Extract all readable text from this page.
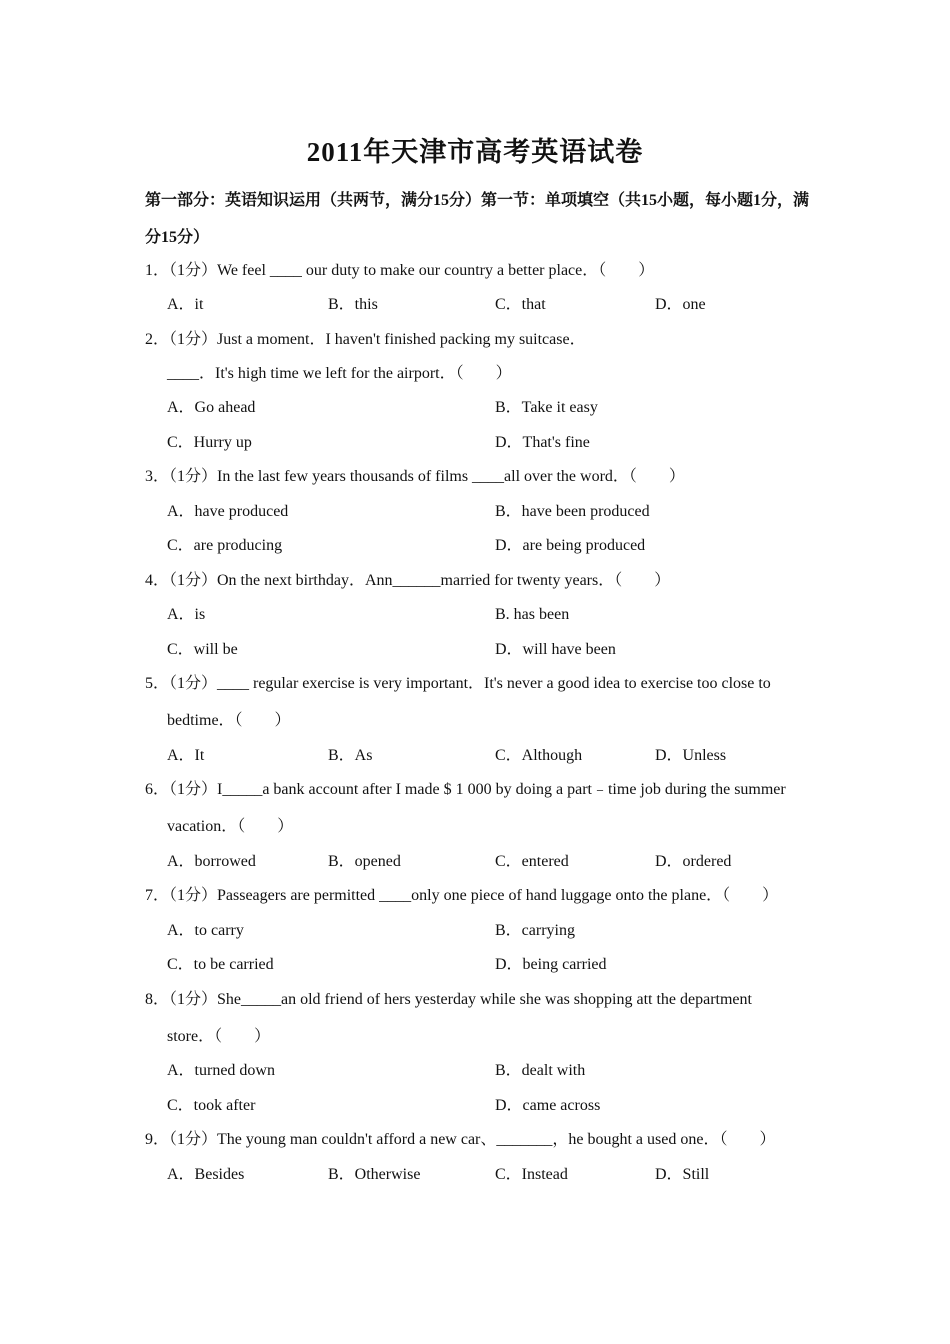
2011年天津市高考英语试卷
第一部分：英语知识运用（共两节，满分15分）第一节：单项填空（共15小题，每小题1分，满分15分）
1．（1分）We feel ____ our duty to make our country a better place．（　　）
A．it	B．this	C．that	D．one
2．（1分）Just a moment．I haven't finished packing my suitcase．
____．It's high time we left for the airport．（　　）
A．Go ahead	B．Take it easy
C．Hurry up	D．That's fine
3．（1分）In the last few years thousands of films ____all over the word．（　　）
A．have produced	B．have been produced
C．are producing	D．are being produced
4．（1分）On the next birthday．Ann______married for twenty years．（　　）
A．is	B. has been
C．will be	D．will have been
5．（1分）____ regular exercise is very important．It's never a good idea to exercise too close to
bedtime．（　　）
A．It	B．As	C．Although	D．Unless
6．（1分）I_____a bank account after I made $ 1 000 by doing a part﹣time job during the summer
vacation．（　　）
A．borrowed	B．opened	C．entered	D．ordered
7．（1分）Passeagers are permitted ____only one piece of hand luggage onto the plane．（　　）
A．to carry	B．carrying
C．to be carried	D．being carried
8．（1分）She_____an old friend of hers yesterday while she was shopping att the department
store．（　　）
A．turned down	B．dealt with
C．took after	D．came across
9．（1分）The young man couldn't afford a new car、_______，he bought a used one．（　　）
A．Besides	B．Otherwise	C．Instead	D．Still
